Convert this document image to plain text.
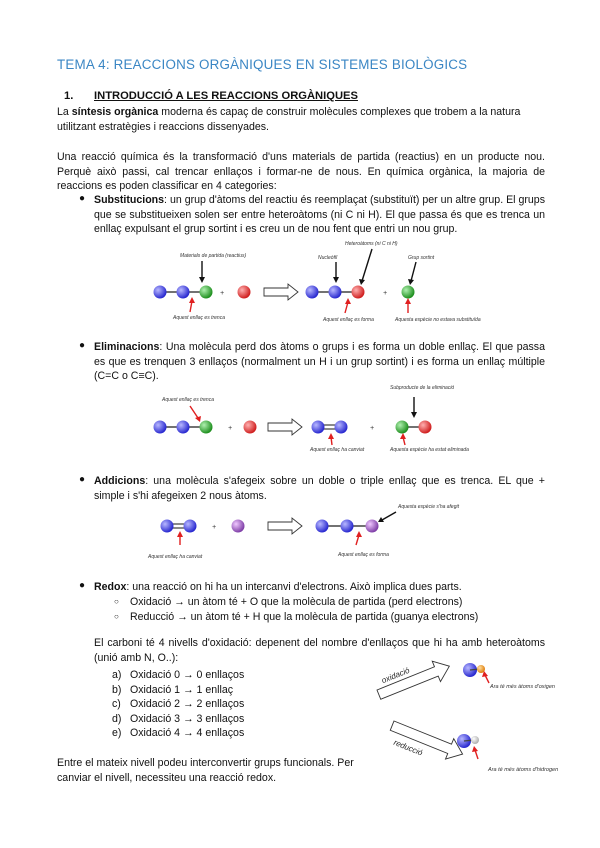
TEMA 4: REACCIONS ORGÀNIQUES EN SISTEMES BIOLÒGICS
1. INTRODUCCIÓ A LES REACCIONS ORGÀNIQUES
La síntesis orgànica moderna és capaç de construir molècules complexes que trobem a la natura utilitzant estratègies i reaccions dissenyades.
Una reacció química és la transformació d'uns materials de partida (reactius) en un producte nou. Perquè això passi, cal trencar enllaços i formar-ne de nous. En química orgànica, la majoria de reaccions es poden classificar en 4 categories:
● Substitucions: un grup d'àtoms del reactiu és reemplaçat (substituït) per un altre grup. El grups que se substitueixen solen ser entre heteroàtoms (ni C ni H). El que passa és que es trenca un enllaç expulsant el grup sortint i es creu un de nou fent que entri un nou grup.
Materials de partida (reactius)
+
Aquest enllaç es trenca
Heteroàtoms (ni C ni H)
Nucleòfil	Grup sortint
+
Aquest enllaç es forma	Aquesta espècie no estava substituïda
● Eliminacions: Una molècula perd dos àtoms o grups i es forma un doble enllaç. El que passa es que es trenquen 3 enllaços (normalment un H i un grup sortint) i es forma un enllaç múltiple (C=C o C≡C).
Aquest enllaç es trenca
+	+
Subproducte de la eliminació
Aquest enllaç ha canviat	Aquesta espècie ha estat eliminada
● Addicions: una molècula s'afegeix sobre un doble o triple enllaç que es trenca. EL que + simple i s'hi afegeixen 2 nous àtoms.
Aquest enllaç ha canviat
+
Aquesta espècie s'ha afegit
Aquest enllaç es forma
● Redox: una reacció on hi ha un intercanvi d'electrons. Això implica dues parts.
○ Oxidació → un àtom té + O que la molècula de partida (perd electrons)
○ Reducció → un àtom té + H que la molècula de partida (guanya electrons)
El carboni té 4 nivells d'oxidació: depenent del nombre d'enllaços que hi ha amb heteroàtoms (unió amb N, O..):
a) Oxidació 0 → 0 enllaços
b) Oxidació 1 → 1 enllaç
c) Oxidació 2 → 2 enllaços
d) Oxidació 3 → 3 enllaços
e) Oxidació 4 → 4 enllaços
oxidació
Ara té més àtoms d'oxigen
reducció
Ara té més àtoms d'hidrogen
Entre el mateix nivell podeu interconvertir grups funcionals. Per canviar el nivell, necessiteu una reacció redox.
